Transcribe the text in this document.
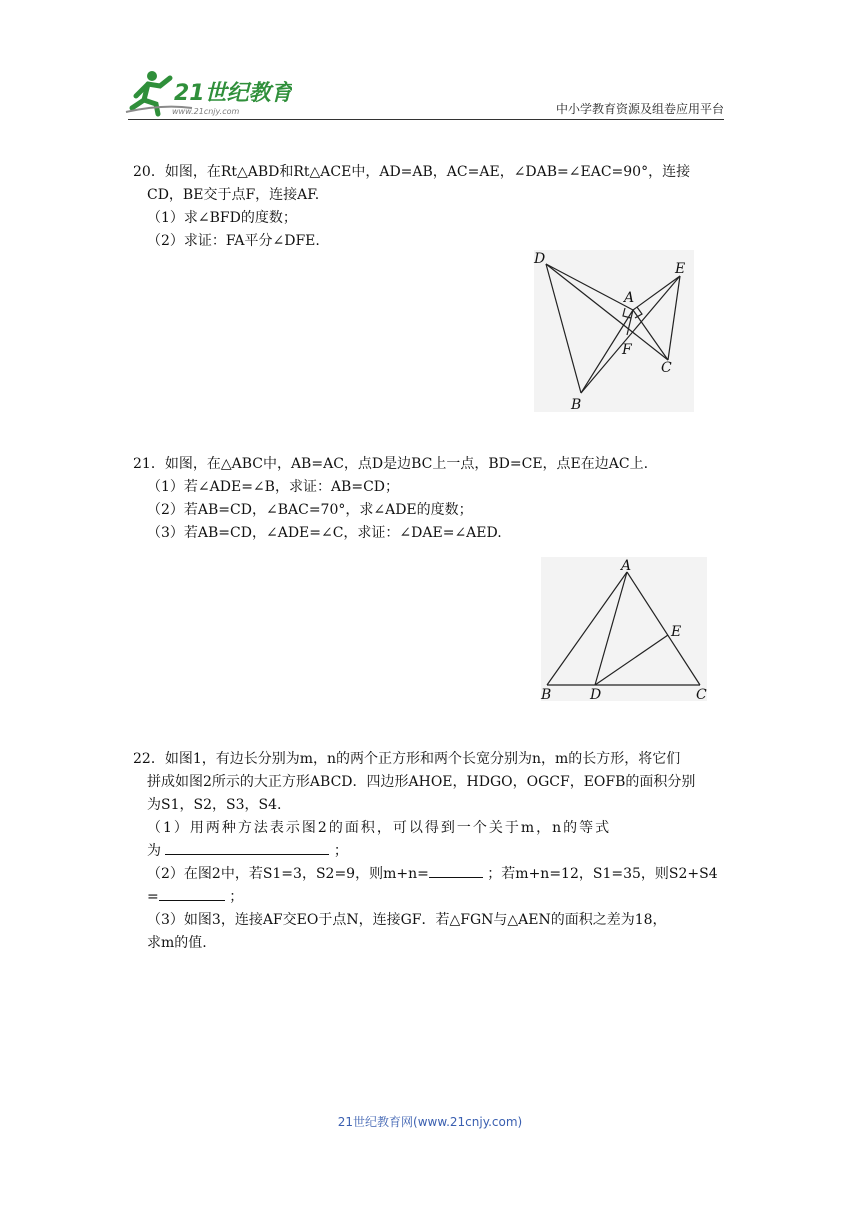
21世纪教育
www.21cnjy.com	中小学教育资源及组卷应用平台

20．如图，在Rt△ABD和Rt△ACE中，AD=AB，AC=AE，∠DAB=∠EAC=90°，连接

CD，BE交于点F，连接AF.

（1）求∠BFD的度数；

（2）求证：FA平分∠DFE.

D
E
A
F
C
B

21．如图，在△ABC中，AB=AC，点D是边BC上一点，BD=CE，点E在边AC上.

（1）若∠ADE=∠B，求证：AB=CD；

（2）若AB=CD，∠BAC=70°，求∠ADE的度数；

（3）若AB=CD，∠ADE=∠C，求证：∠DAE=∠AED.

A
E
B	D	C

22．如图1，有边长分别为m，n的两个正方形和两个长宽分别为n，m的长方形，将它们

拼成如图2所示的大正方形ABCD．四边形AHOE，HDGO，OGCF，EOFB的面积分别

为S1，S2，S3，S4.

（1）用两种方法表示图2的面积，可以得到一个关于m，n的等式

为	；

（2）在图2中，若S1=3，S2=9，则m+n=	；若m+n=12，S1=35，则S2+S4

=	；

（3）如图3，连接AF交EO于点N，连接GF．若△FGN与△AEN的面积之差为18，

求m的值.

21世纪教育网(www.21cnjy.com)
